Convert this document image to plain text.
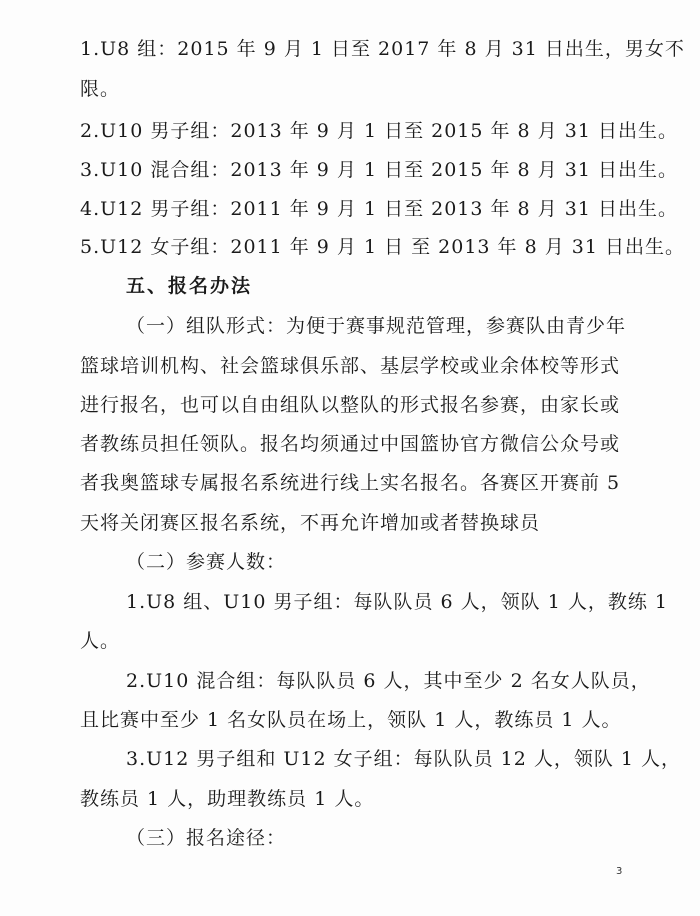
1.U8 组：2015 年 9 月 1 日至 2017 年 8 月 31 日出生，男女不
限。
2.U10 男子组：2013 年 9 月 1 日至 2015 年 8 月 31 日出生。
3.U10 混合组：2013 年 9 月 1 日至 2015 年 8 月 31 日出生。
4.U12 男子组：2011 年 9 月 1 日至 2013 年 8 月 31 日出生。
5.U12 女子组：2011 年 9 月 1 日 至 2013 年 8 月 31 日出生。
五、报名办法
（一）组队形式：为便于赛事规范管理，参赛队由青少年
篮球培训机构、社会篮球俱乐部、基层学校或业余体校等形式
进行报名，也可以自由组队以整队的形式报名参赛，由家长或
者教练员担任领队。报名均须通过中国篮协官方微信公众号或
者我奥篮球专属报名系统进行线上实名报名。各赛区开赛前 5
天将关闭赛区报名系统，不再允许增加或者替换球员
（二）参赛人数：
1.U8 组、U10 男子组：每队队员 6 人，领队 1 人，教练 1
人。
2.U10 混合组：每队队员 6 人，其中至少 2 名女人队员，
且比赛中至少 1 名女队员在场上，领队 1 人，教练员 1 人。
3.U12 男子组和 U12 女子组：每队队员 12 人，领队 1 人，
教练员 1 人，助理教练员 1 人。
（三）报名途径：
3
